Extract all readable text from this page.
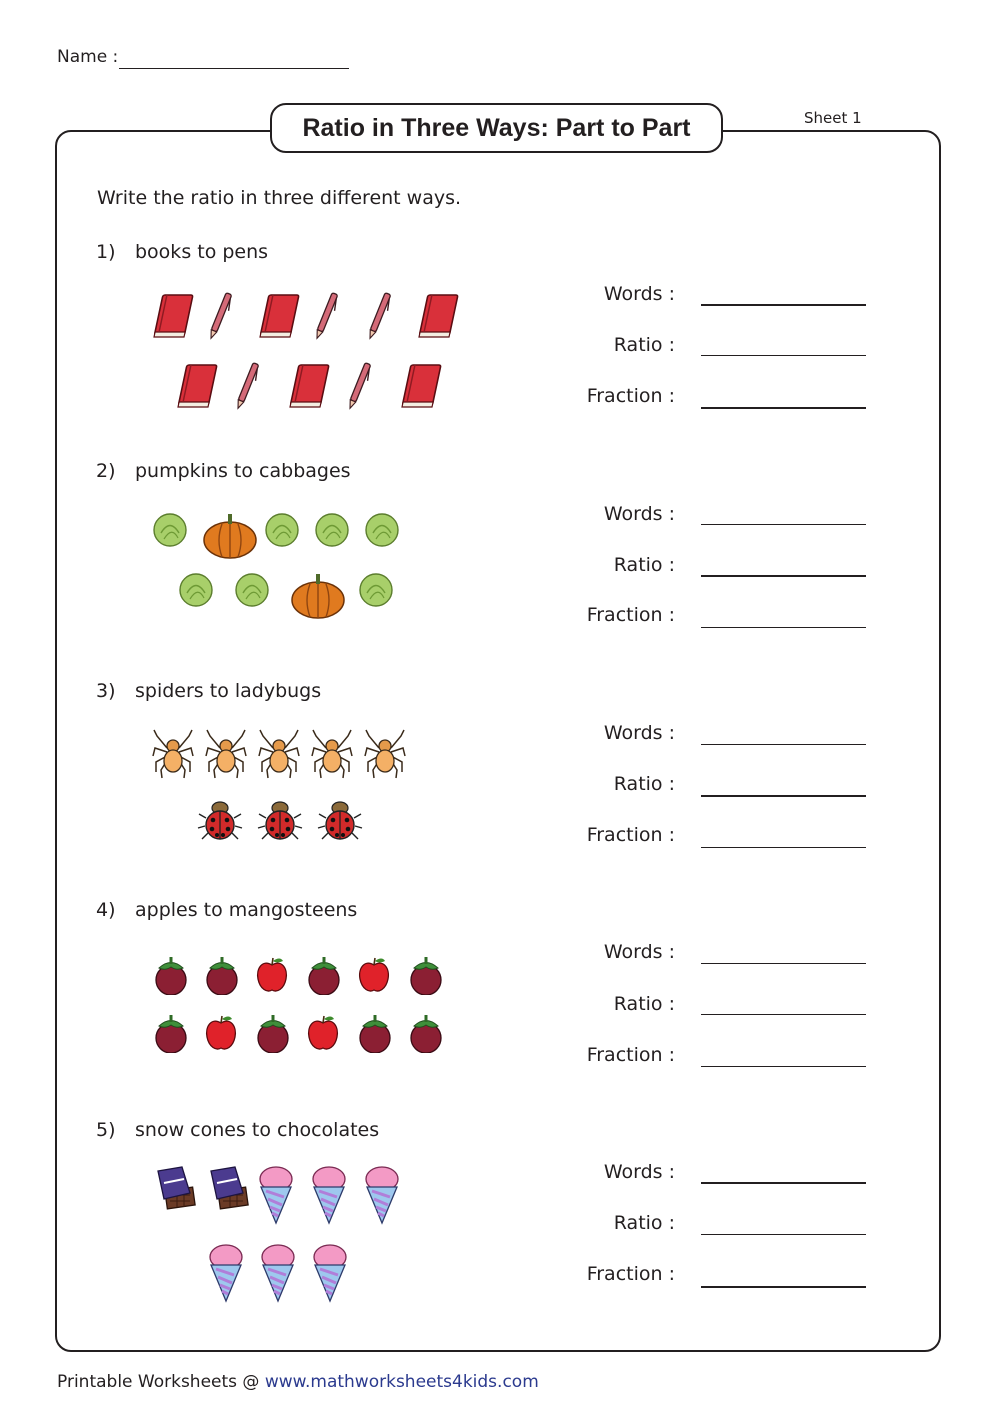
Name :
Ratio in Three Ways: Part to Part	Sheet 1
Write the ratio in three different ways.
1) books to pens
Words :
Ratio :
Fraction :
2) pumpkins to cabbages
Words :
Ratio :
Fraction :
3) spiders to ladybugs
Words :
Ratio :
Fraction :
4) apples to mangosteens
Words :
Ratio :
Fraction :
5) snow cones to chocolates
Words :
Ratio :
Fraction :
Printable Worksheets @ www.mathworksheets4kids.com
